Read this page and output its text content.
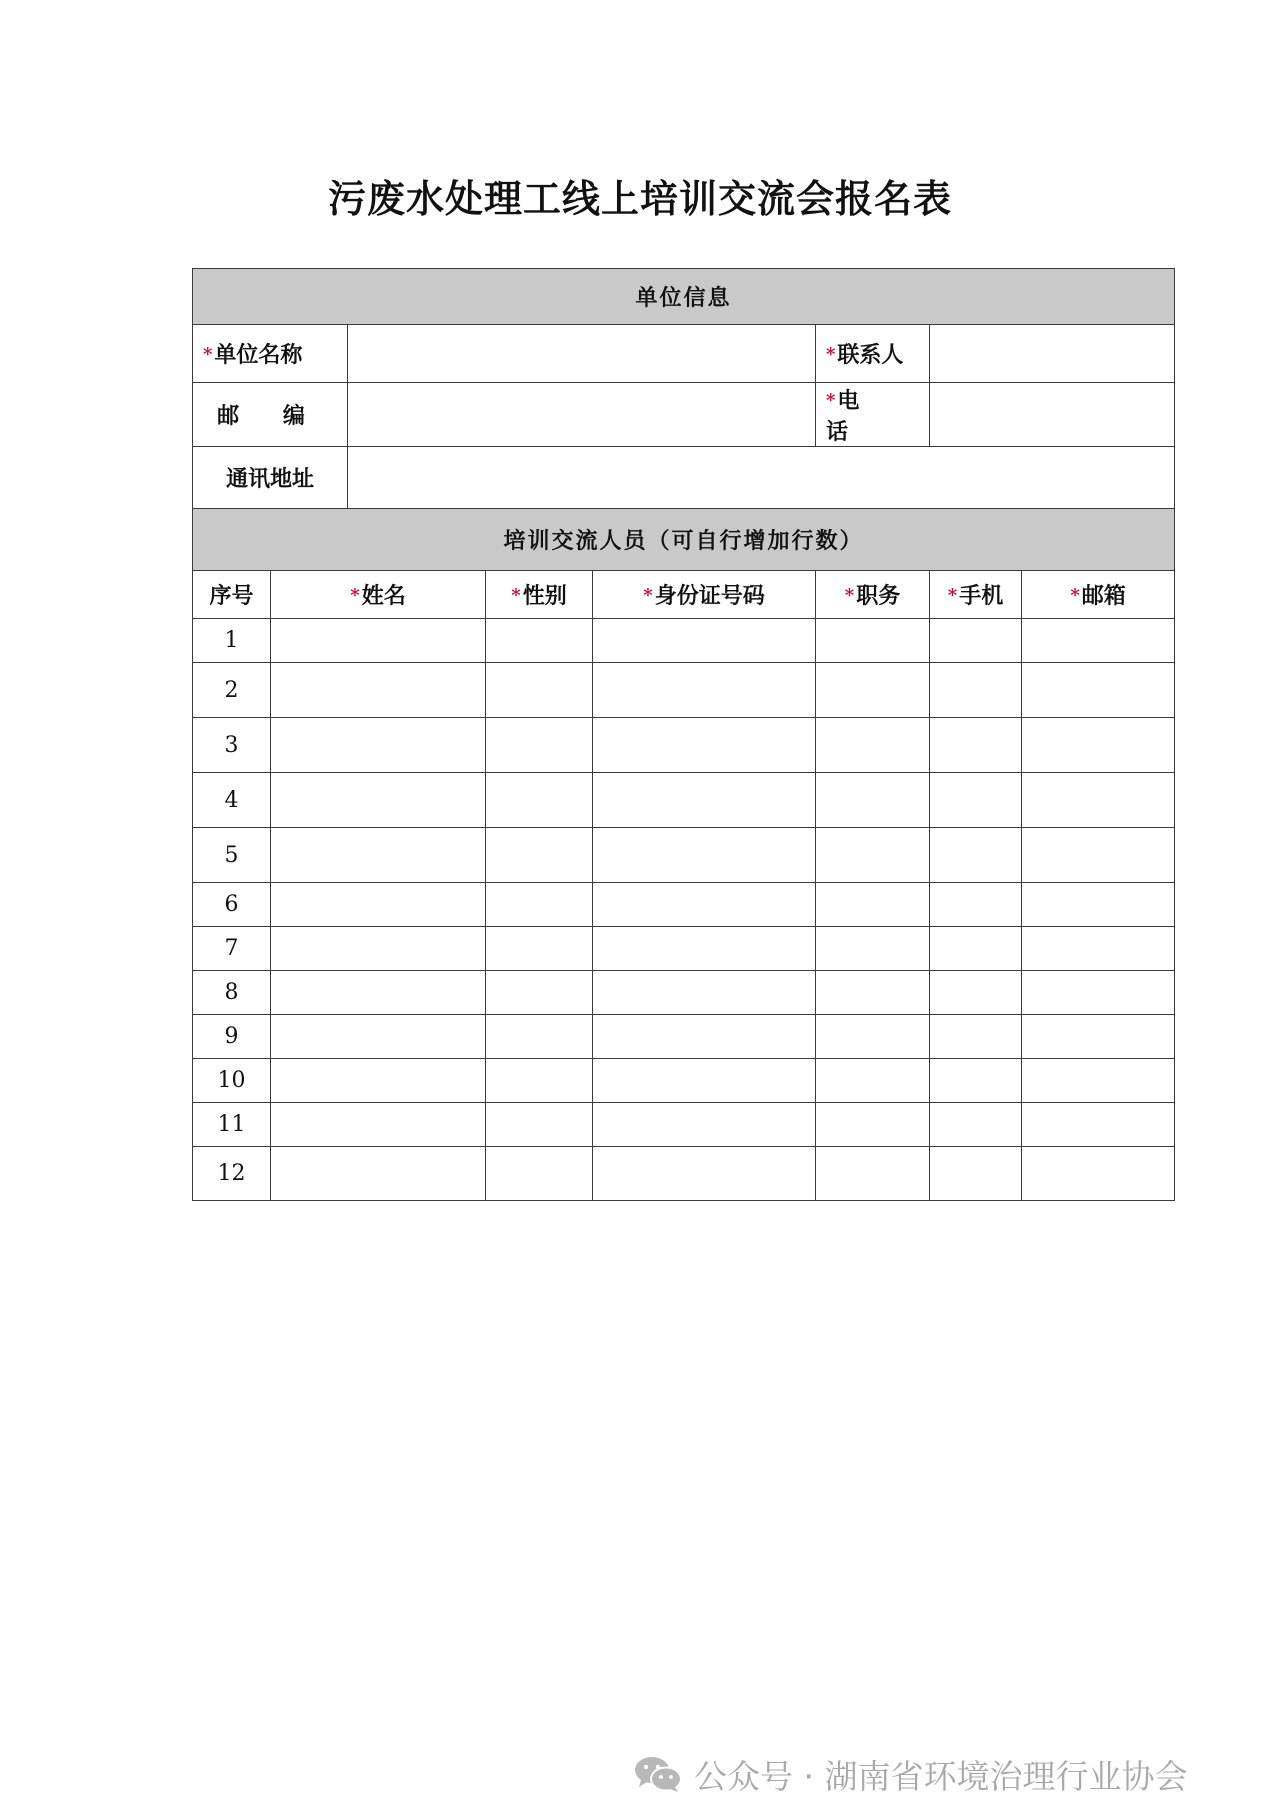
污废水处理工线上培训交流会报名表
单位信息							
*单位名称					*联系人		
邮 编					*电 话		
通讯地址							
培训交流人员（可自行增加行数）							
序号	*姓名		*性别	*身份证号码	*职务	*手机	*邮箱
1							
2							
3							
4							
5							
6							
7							
8							
9							
10							
11							
12							
公众号 · 湖南省环境治理行业协会
